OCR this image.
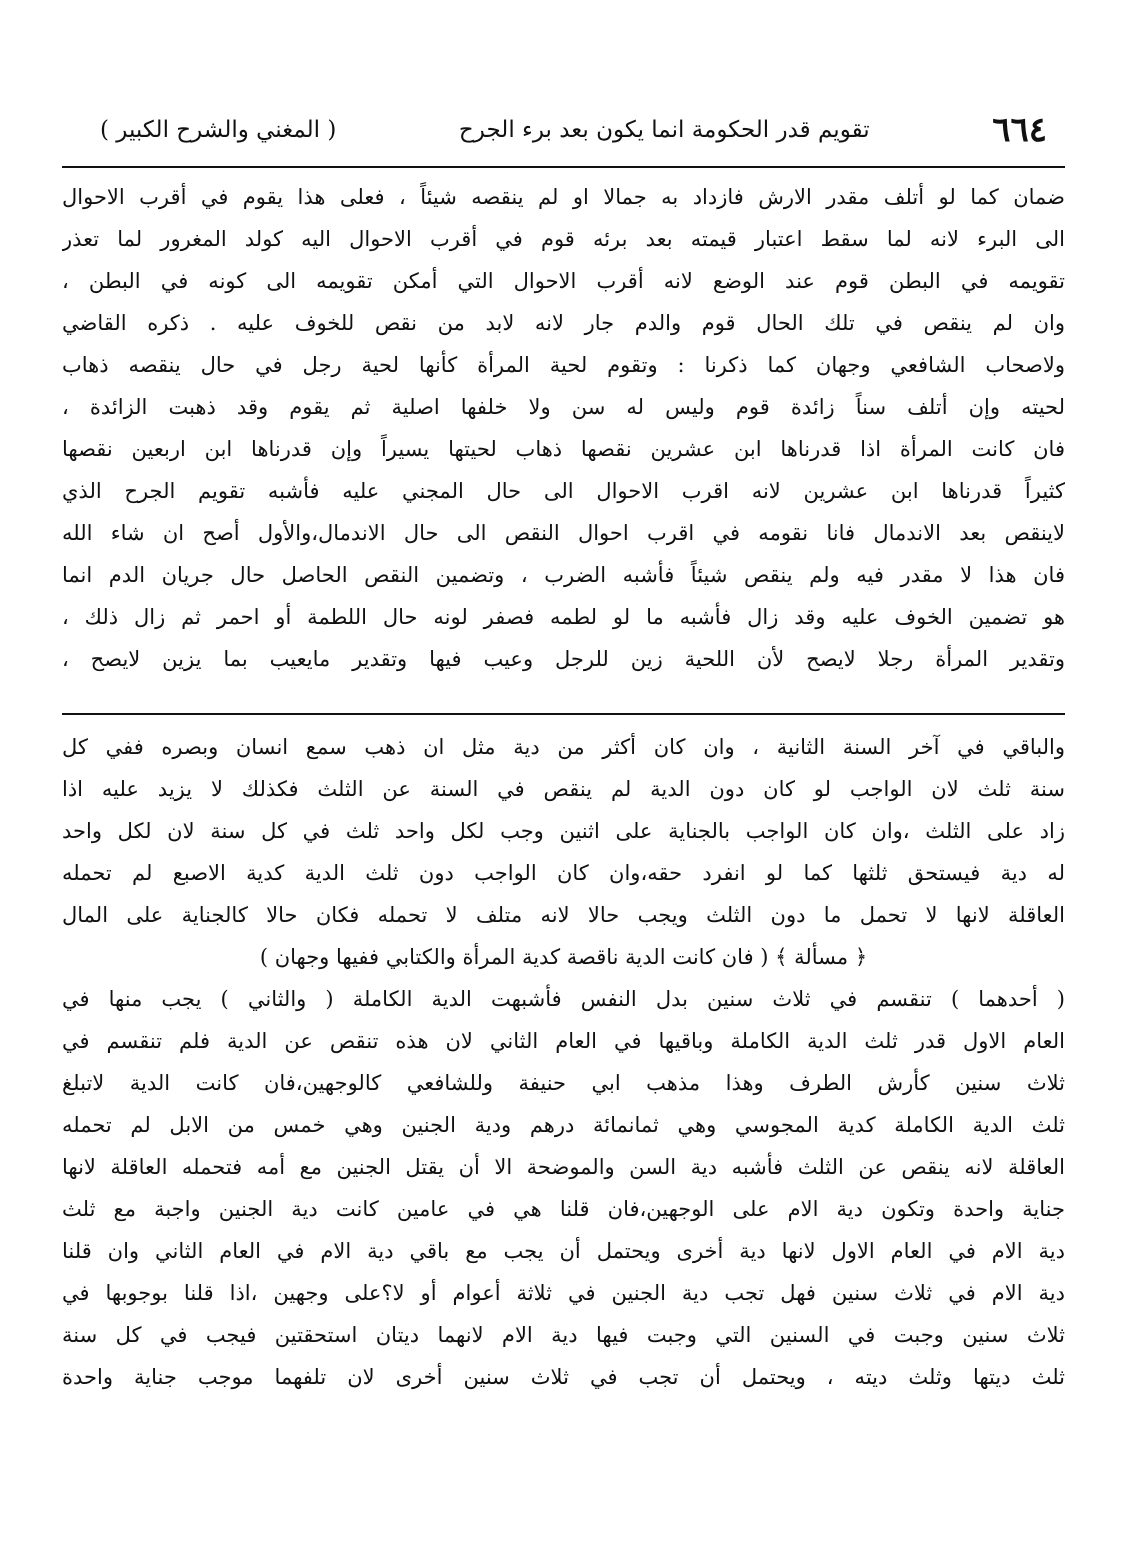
٦٦٤
تقويم قدر الحكومة انما يكون بعد برء الجرح
( المغني والشرح الكبير )
ضمان كما لو أتلف مقدر الارش فازداد به جمالا او لم ينقصه شيئاً ، فعلى هذا يقوم في أقرب الاحوال
الى البرء لانه لما سقط اعتبار قيمته بعد برئه قوم في أقرب الاحوال اليه كولد المغرور لما تعذر
تقويمه في البطن قوم عند الوضع لانه أقرب الاحوال التي أمكن تقويمه الى كونه في البطن ،
وان لم ينقص في تلك الحال قوم والدم جار لانه لابد من نقص للخوف عليه . ذكره القاضي
ولاصحاب الشافعي وجهان كما ذكرنا : وتقوم لحية المرأة كأنها لحية رجل في حال ينقصه ذهاب
لحيته وإن أتلف سناً زائدة قوم وليس له سن ولا خلفها اصلية ثم يقوم وقد ذهبت الزائدة ،
فان كانت المرأة اذا قدرناها ابن عشرين نقصها ذهاب لحيتها يسيراً وإن قدرناها ابن اربعين نقصها
كثيراً قدرناها ابن عشرين لانه اقرب الاحوال الى حال المجني عليه فأشبه تقويم الجرح الذي
لاينقص بعد الاندمال فانا نقومه في اقرب احوال النقص الى حال الاندمال،والأول أصح ان شاء الله
فان هذا لا مقدر فيه ولم ينقص شيئاً فأشبه الضرب ، وتضمين النقص الحاصل حال جريان الدم انما
هو تضمين الخوف عليه وقد زال فأشبه ما لو لطمه فصفر لونه حال اللطمة أو احمر ثم زال ذلك ،
وتقدير المرأة رجلا لايصح لأن اللحية زين للرجل وعيب فيها وتقدير مايعيب بما يزين لايصح ،
والباقي في آخر السنة الثانية ، وان كان أكثر من دية مثل ان ذهب سمع انسان وبصره ففي كل
سنة ثلث لان الواجب لو كان دون الدية لم ينقص في السنة عن الثلث فكذلك لا يزيد عليه اذا
زاد على الثلث ،وان كان الواجب بالجناية على اثنين وجب لكل واحد ثلث في كل سنة لان لكل واحد
له دية فيستحق ثلثها كما لو انفرد حقه،وان كان الواجب دون ثلث الدية كدية الاصبع لم تحمله
العاقلة لانها لا تحمل ما دون الثلث ويجب حالا لانه متلف لا تحمله فكان حالا كالجناية على المال
﴿ مسألة ﴾ ( فان كانت الدية ناقصة كدية المرأة والكتابي ففيها وجهان )
( أحدهما ) تنقسم في ثلاث سنين بدل النفس فأشبهت الدية الكاملة ( والثاني ) يجب منها في
العام الاول قدر ثلث الدية الكاملة وباقيها في العام الثاني لان هذه تنقص عن الدية فلم تنقسم في
ثلاث سنين كأرش الطرف وهذا مذهب ابي حنيفة وللشافعي كالوجهين،فان كانت الدية لاتبلغ
ثلث الدية الكاملة كدية المجوسي وهي ثمانمائة درهم ودية الجنين وهي خمس من الابل لم تحمله
العاقلة لانه ينقص عن الثلث فأشبه دية السن والموضحة الا أن يقتل الجنين مع أمه فتحمله العاقلة لانها
جناية واحدة وتكون دية الام على الوجهين،فان قلنا هي في عامين كانت دية الجنين واجبة مع ثلث
دية الام في العام الاول لانها دية أخرى ويحتمل أن يجب مع باقي دية الام في العام الثاني وان قلنا
دية الام في ثلاث سنين فهل تجب دية الجنين في ثلاثة أعوام أو لا؟على وجهين ،اذا قلنا بوجوبها في
ثلاث سنين وجبت في السنين التي وجبت فيها دية الام لانهما ديتان استحقتين فيجب في كل سنة
ثلث ديتها وثلث ديته ، ويحتمل أن تجب في ثلاث سنين أخرى لان تلفهما موجب جناية واحدة
